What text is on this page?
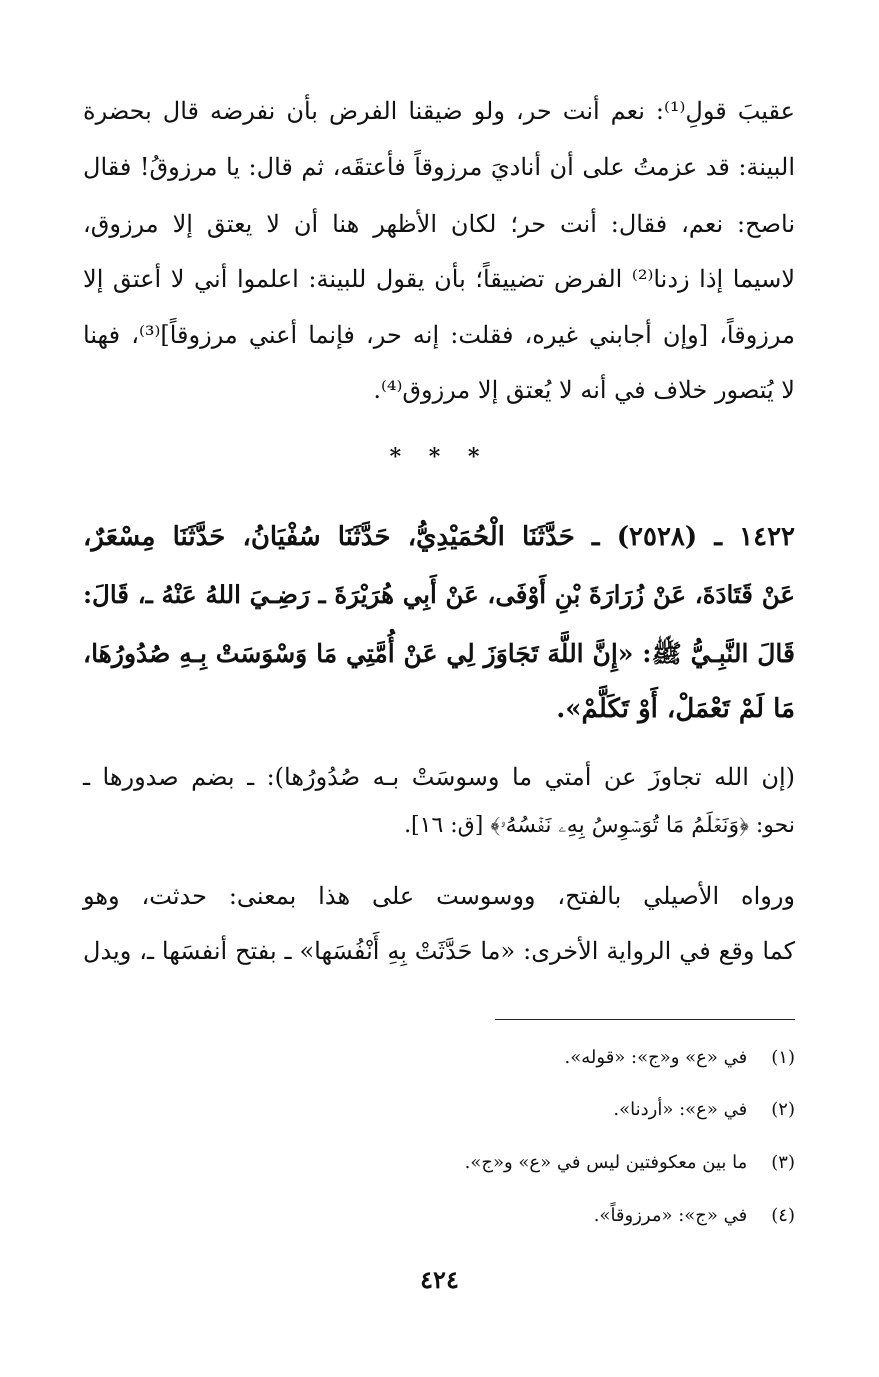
عقيبَ قولِ⁽¹⁾: نعم أنت حر، ولو ضيقنا الفرض بأن نفرضه قال بحضرة
البينة: قد عزمتُ على أن أناديَ مرزوقاً فأعتقَه، ثم قال: يا مرزوقُ! فقال
ناصح: نعم، فقال: أنت حر؛ لكان الأظهر هنا أن لا يعتق إلا مرزوق،
لاسيما إذا زدنا⁽²⁾ الفرض تضييقاً؛ بأن يقول للبينة: اعلموا أني لا أعتق إلا
مرزوقاً، [وإن أجابني غيره، فقلت: إنه حر، فإنما أعني مرزوقاً]⁽³⁾، فهنا
لا يُتصور خلاف في أنه لا يُعتق إلا مرزوق⁽⁴⁾.
* * *
١٤٢٢ ـ (٢٥٢٨) ـ حَدَّثَنَا الْحُمَيْدِيُّ، حَدَّثَنَا سُفْيَانُ، حَدَّثَنَا مِسْعَرٌ،
عَنْ قَتَادَةَ، عَنْ زُرَارَةَ بْنِ أَوْفَى، عَنْ أَبِي هُرَيْرَةَ ـ رَضِـيَ اللهُ عَنْهُ ـ، قَالَ:
قَالَ النَّبِـيُّ ﷺ: «إِنَّ اللَّهَ تَجَاوَزَ لِي عَنْ أُمَّتِي مَا وَسْوَسَتْ بِـهِ صُدُورُهَا،
مَا لَمْ تَعْمَلْ، أَوْ تَكَلَّمْ».
(إن الله تجاوزَ عن أمتي ما وسوسَتْ بـه صُدُورُها): ـ بضم صدورها ـ
نحو: ﴿وَنَعۡلَمُ مَا تُوَسۡوِسُ بِهِۦ نَفۡسُهُۥ﴾ [ق: ١٦].
ورواه الأصيلي بالفتح، ووسوست على هذا بمعنى: حدثت، وهو
كما وقع في الرواية الأخرى: «ما حَدَّثَتْ بِهِ أَنْفُسَها» ـ بفتح أنفسَها ـ، ويدل
(١) في «ع» و«ج»: «قوله».
(٢) في «ع»: «أردنا».
(٣) ما بين معكوفتين ليس في «ع» و«ج».
(٤) في «ج»: «مرزوقاً».
٤٢٤
